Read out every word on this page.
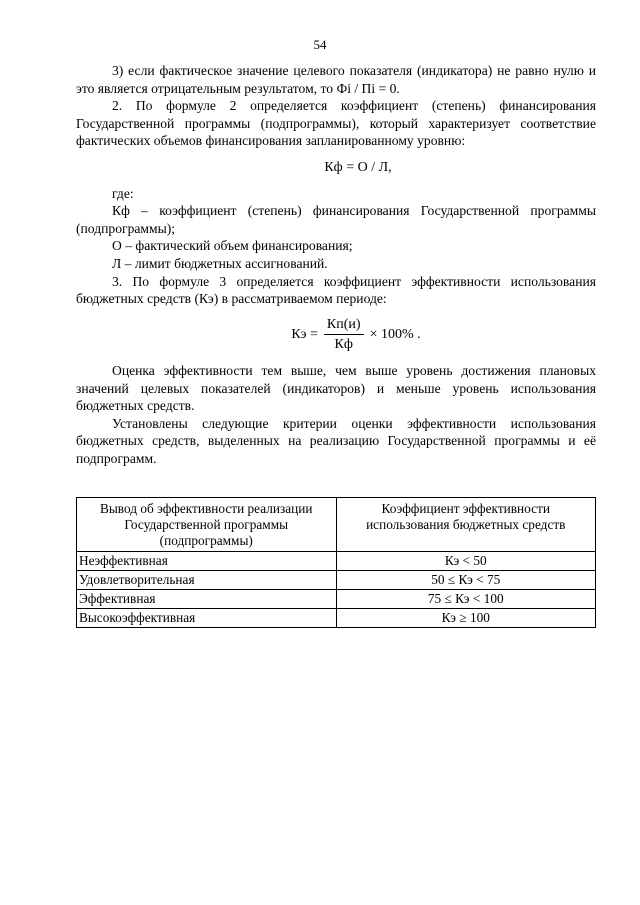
54

3) если фактическое значение целевого показателя (индикатора) не равно нулю и это является отрицательным результатом, то Фi / Пi = 0.

2. По формуле 2 определяется коэффициент (степень) финансирования Государственной программы (подпрограммы), который характеризует соответствие фактических объемов финансирования запланированному уровню:

Кф = О / Л,

где:

Кф – коэффициент (степень) финансирования Государственной программы (подпрограммы);

О – фактический объем финансирования;

Л – лимит бюджетных ассигнований.

3. По формуле 3 определяется коэффициент эффективности использования бюджетных средств (Кэ) в рассматриваемом периоде:

Кэ = $\frac{Кп(и)}{Кф} \times 100\%$ .

Оценка эффективности тем выше, чем выше уровень достижения плановых значений целевых показателей (индикаторов) и меньше уровень использования бюджетных средств.

Установлены следующие критерии оценки эффективности использования бюджетных средств, выделенных на реализацию Государственной программы и её подпрограмм.

Вывод об эффективности реализации Государственной программы (подпрограммы)	Коэффициент эффективности использования бюджетных средств
Неэффективная	Кэ < 50
Удовлетворительная	50 ≤ Кэ < 75
Эффективная	75 ≤ Кэ < 100
Высокоэффективная	Кэ ≥ 100
